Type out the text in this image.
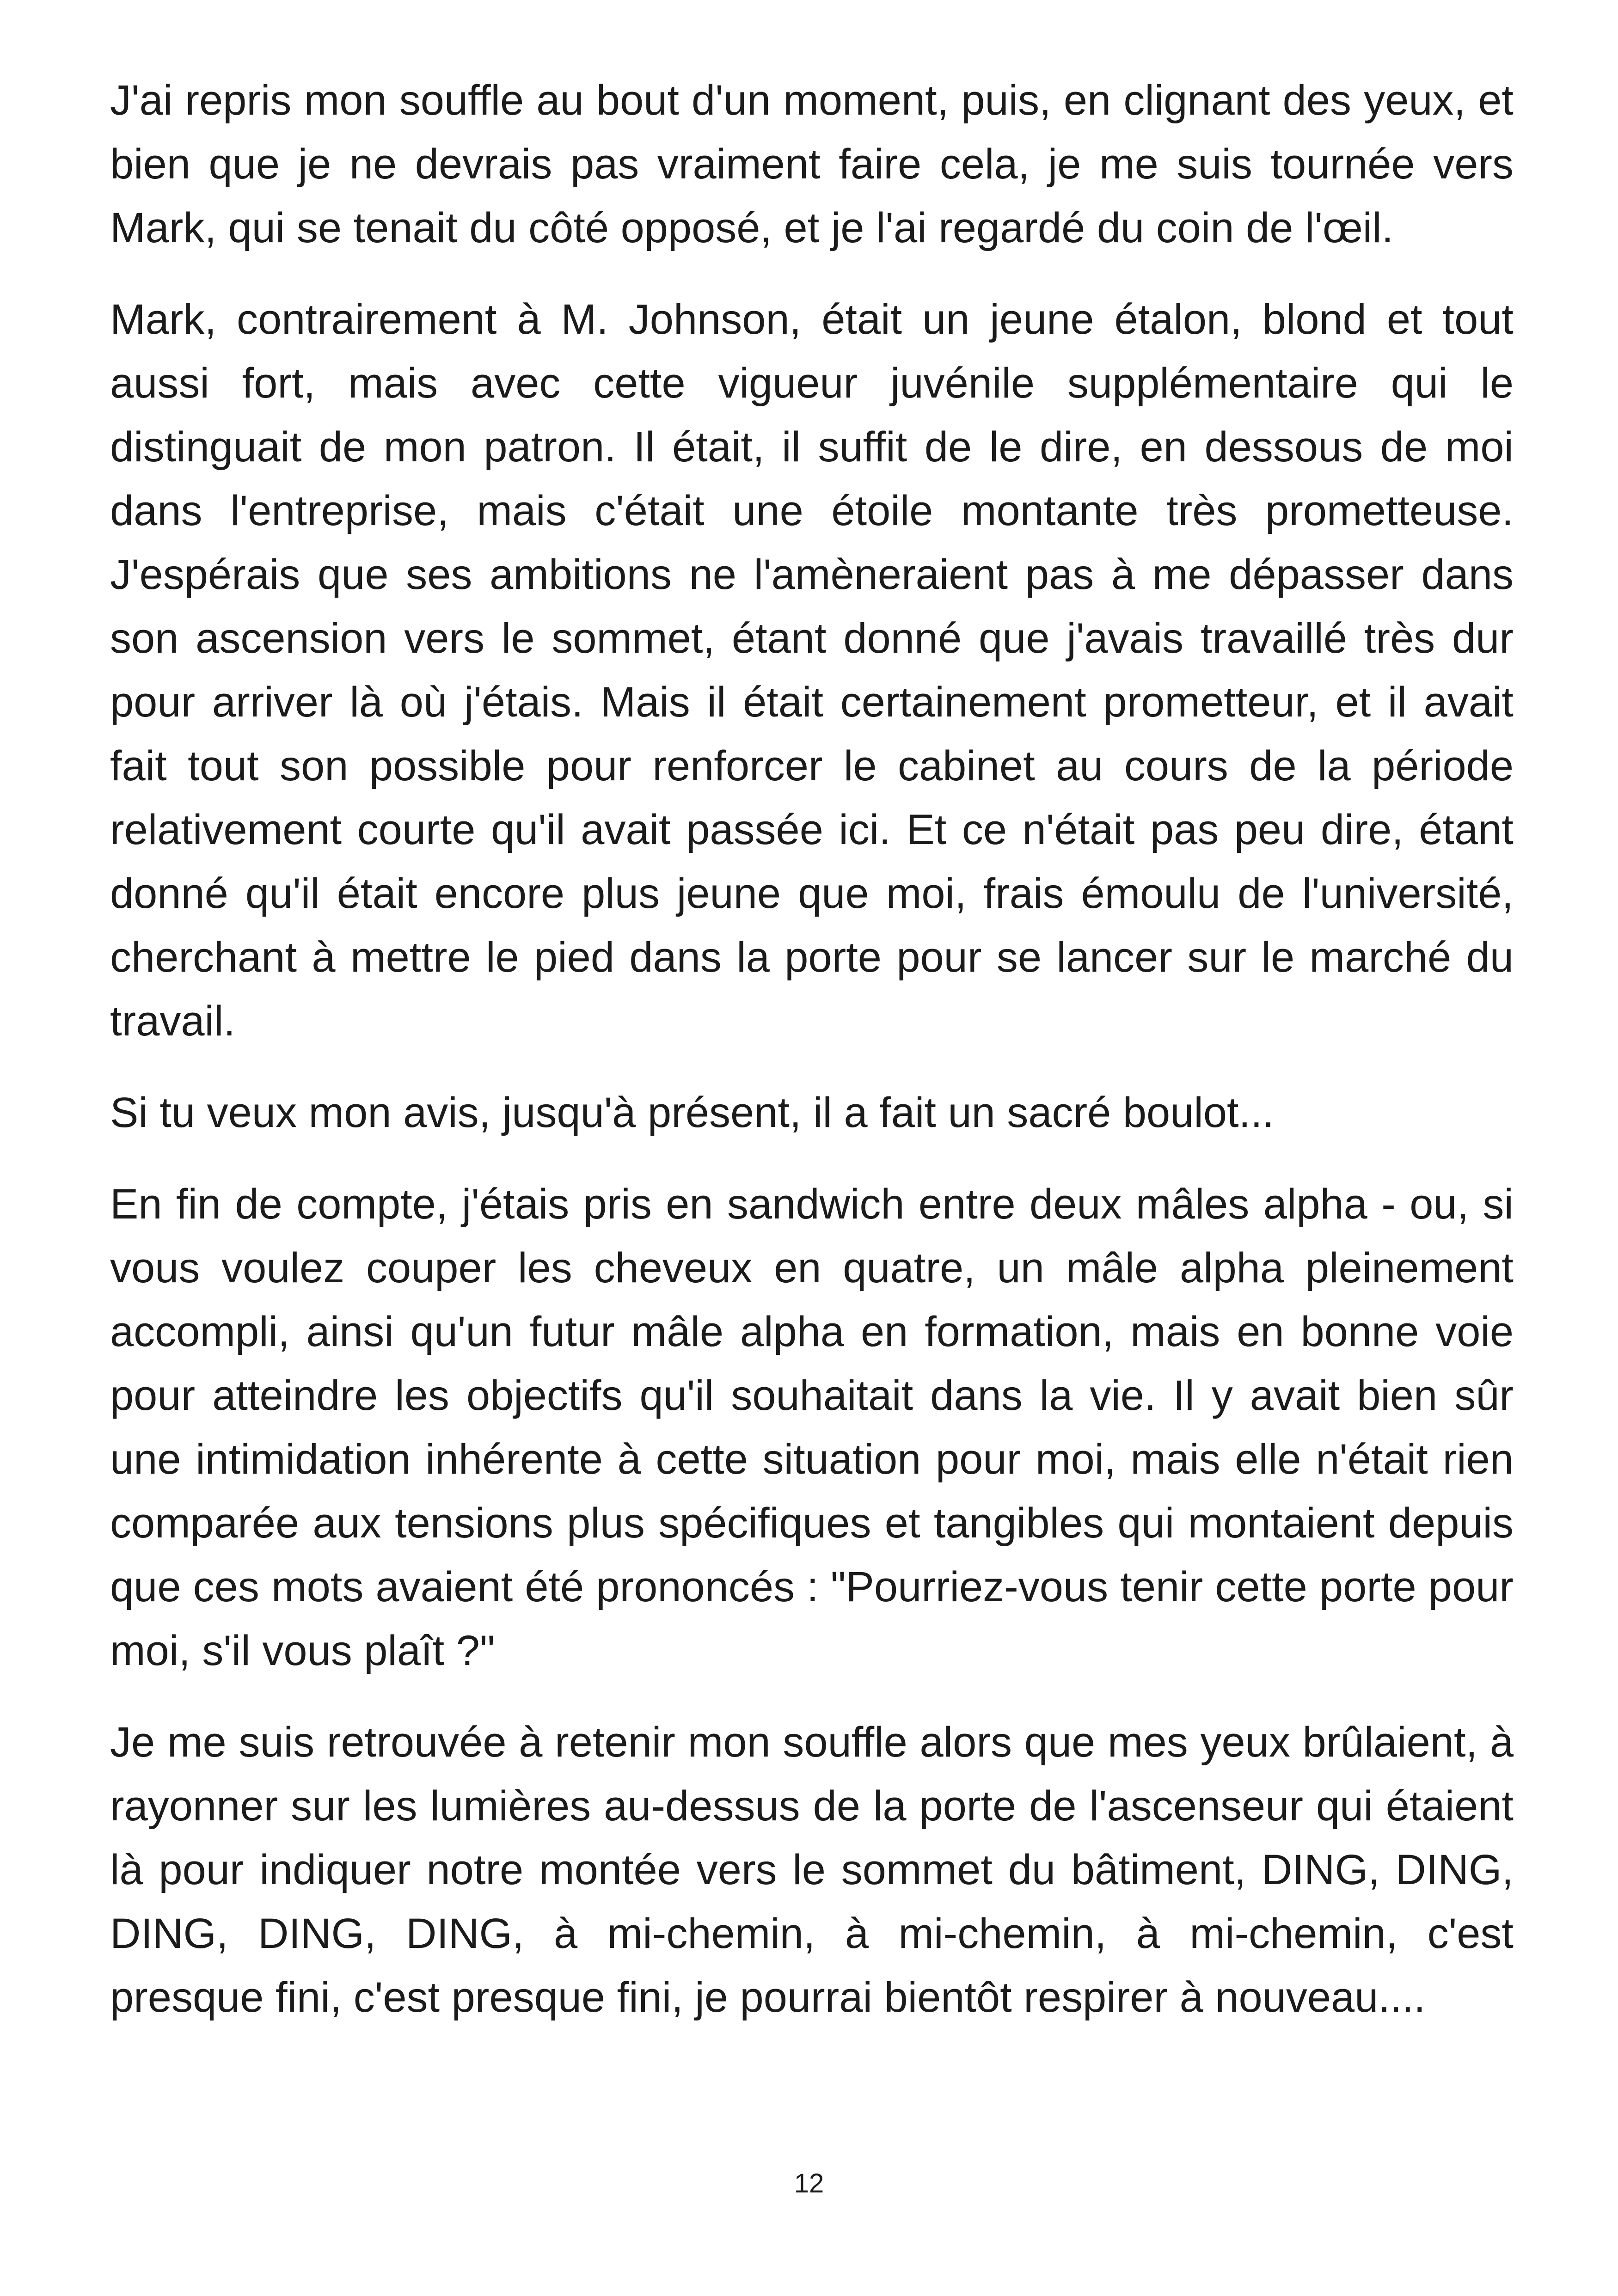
J'ai repris mon souffle au bout d'un moment, puis, en clignant des yeux, et bien que je ne devrais pas vraiment faire cela, je me suis tournée vers Mark, qui se tenait du côté opposé, et je l'ai regardé du coin de l'œil.

Mark, contrairement à M. Johnson, était un jeune étalon, blond et tout aussi fort, mais avec cette vigueur juvénile supplémentaire qui le distinguait de mon patron. Il était, il suffit de le dire, en dessous de moi dans l'entreprise, mais c'était une étoile montante très prometteuse. J'espérais que ses ambitions ne l'amèneraient pas à me dépasser dans son ascension vers le sommet, étant donné que j'avais travaillé très dur pour arriver là où j'étais. Mais il était certainement prometteur, et il avait fait tout son possible pour renforcer le cabinet au cours de la période relativement courte qu'il avait passée ici. Et ce n'était pas peu dire, étant donné qu'il était encore plus jeune que moi, frais émoulu de l'université, cherchant à mettre le pied dans la porte pour se lancer sur le marché du travail.

Si tu veux mon avis, jusqu'à présent, il a fait un sacré boulot...

En fin de compte, j'étais pris en sandwich entre deux mâles alpha - ou, si vous voulez couper les cheveux en quatre, un mâle alpha pleinement accompli, ainsi qu'un futur mâle alpha en formation, mais en bonne voie pour atteindre les objectifs qu'il souhaitait dans la vie. Il y avait bien sûr une intimidation inhérente à cette situation pour moi, mais elle n'était rien comparée aux tensions plus spécifiques et tangibles qui montaient depuis que ces mots avaient été prononcés : "Pourriez-vous tenir cette porte pour moi, s'il vous plaît ?"

Je me suis retrouvée à retenir mon souffle alors que mes yeux brûlaient, à rayonner sur les lumières au-dessus de la porte de l'ascenseur qui étaient là pour indiquer notre montée vers le sommet du bâtiment, DING, DING, DING, DING, DING, à mi-chemin, à mi-chemin, à mi-chemin, c'est presque fini, c'est presque fini, je pourrai bientôt respirer à nouveau....

12
